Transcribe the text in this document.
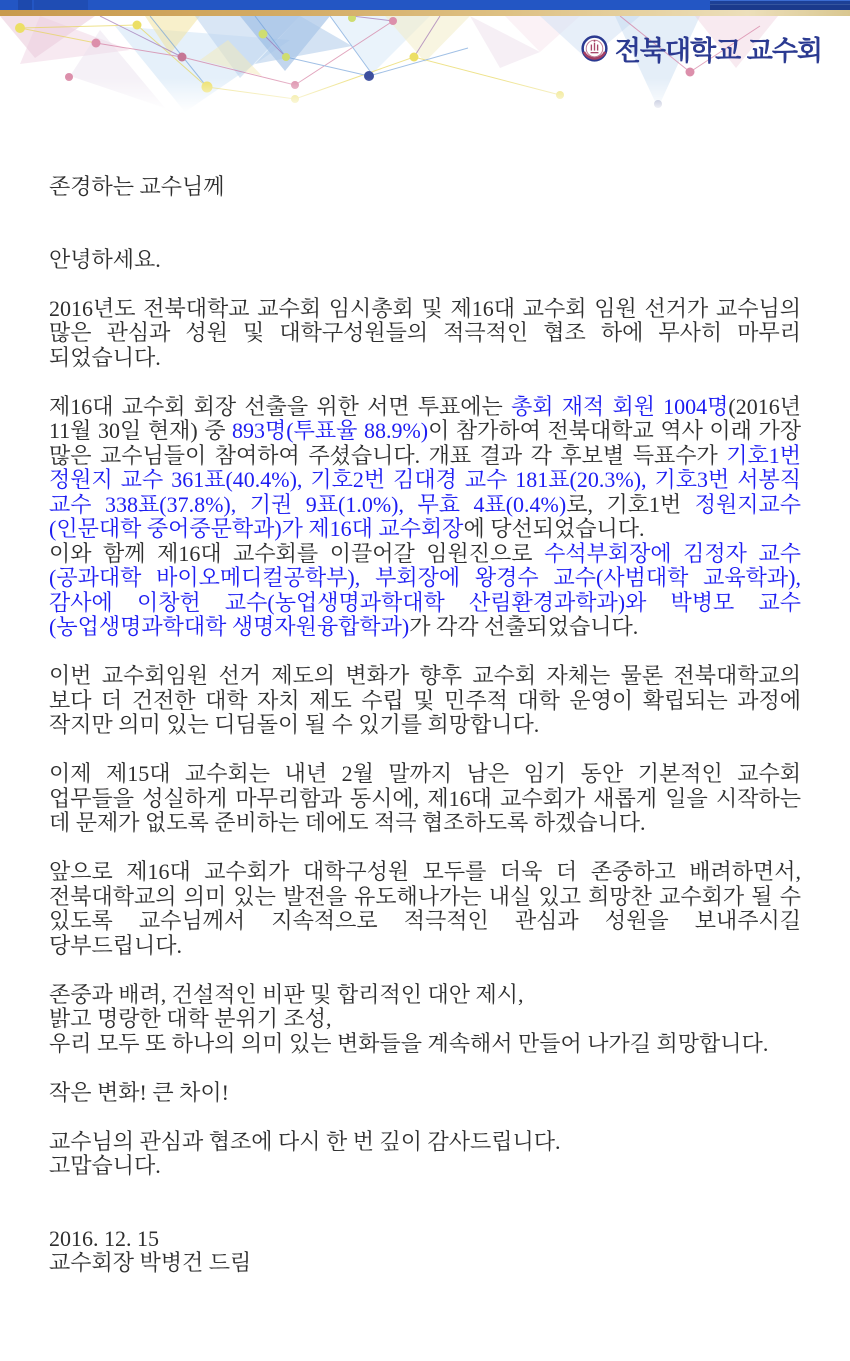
전북대학교 교수회

존경하는 교수님께

안녕하세요.

2016년도 전북대학교 교수회 임시총회 및 제16대 교수회 임원 선거가 교수님의 많은 관심과 성원 및 대학구성원들의 적극적인 협조 하에 무사히 마무리 되었습니다.

제16대 교수회 회장 선출을 위한 서면 투표에는 총회 재적 회원 1004명(2016년 11월 30일 현재) 중 893명(투표율 88.9%)이 참가하여 전북대학교 역사 이래 가장 많은 교수님들이 참여하여 주셨습니다. 개표 결과 각 후보별 득표수가 기호1번 정원지 교수 361표(40.4%), 기호2번 김대경 교수 181표(20.3%), 기호3번 서봉직 교수 338표(37.8%), 기권 9표(1.0%), 무효 4표(0.4%)로, 기호1번 정원지교수(인문대학 중어중문학과)가 제16대 교수회장에 당선되었습니다.

이와 함께 제16대 교수회를 이끌어갈 임원진으로 수석부회장에 김정자 교수(공과대학 바이오메디컬공학부), 부회장에 왕경수 교수(사범대학 교육학과), 감사에 이창헌 교수(농업생명과학대학 산림환경과학과)와 박병모 교수(농업생명과학대학 생명자원융합학과)가 각각 선출되었습니다.

이번 교수회임원 선거 제도의 변화가 향후 교수회 자체는 물론 전북대학교의 보다 더 건전한 대학 자치 제도 수립 및 민주적 대학 운영이 확립되는 과정에 작지만 의미 있는 디딤돌이 될 수 있기를 희망합니다.

이제 제15대 교수회는 내년 2월 말까지 남은 임기 동안 기본적인 교수회 업무들을 성실하게 마무리함과 동시에, 제16대 교수회가 새롭게 일을 시작하는 데 문제가 없도록 준비하는 데에도 적극 협조하도록 하겠습니다.

앞으로 제16대 교수회가 대학구성원 모두를 더욱 더 존중하고 배려하면서, 전북대학교의 의미 있는 발전을 유도해나가는 내실 있고 희망찬 교수회가 될 수 있도록 교수님께서 지속적으로 적극적인 관심과 성원을 보내주시길 당부드립니다.

존중과 배려, 건설적인 비판 및 합리적인 대안 제시,

밝고 명랑한 대학 분위기 조성,

우리 모두 또 하나의 의미 있는 변화들을 계속해서 만들어 나가길 희망합니다.

작은 변화! 큰 차이!

교수님의 관심과 협조에 다시 한 번 깊이 감사드립니다.

고맙습니다.

2016. 12. 15

교수회장 박병건 드림
